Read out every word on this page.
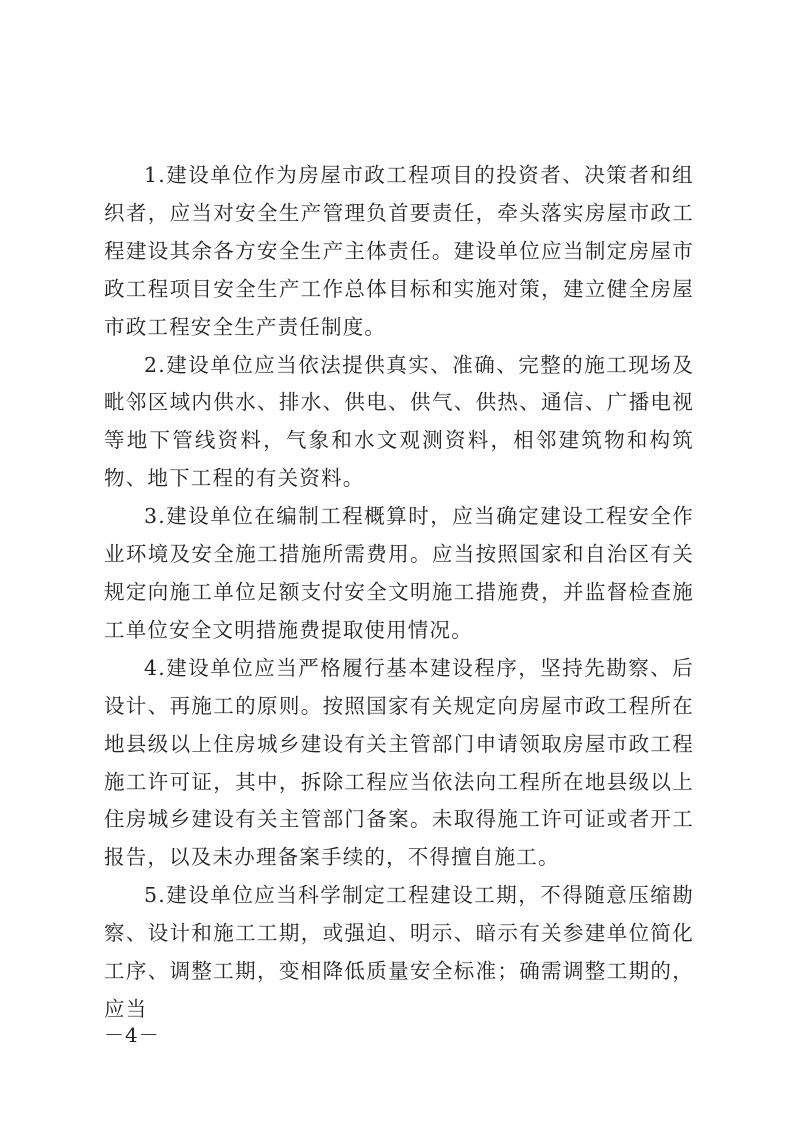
1.建设单位作为房屋市政工程项目的投资者、决策者和组织者，应当对安全生产管理负首要责任，牵头落实房屋市政工程建设其余各方安全生产主体责任。建设单位应当制定房屋市政工程项目安全生产工作总体目标和实施对策，建立健全房屋市政工程安全生产责任制度。

2.建设单位应当依法提供真实、准确、完整的施工现场及毗邻区域内供水、排水、供电、供气、供热、通信、广播电视等地下管线资料，气象和水文观测资料，相邻建筑物和构筑物、地下工程的有关资料。

3.建设单位在编制工程概算时，应当确定建设工程安全作业环境及安全施工措施所需费用。应当按照国家和自治区有关规定向施工单位足额支付安全文明施工措施费，并监督检查施工单位安全文明措施费提取使用情况。

4.建设单位应当严格履行基本建设程序，坚持先勘察、后设计、再施工的原则。按照国家有关规定向房屋市政工程所在地县级以上住房城乡建设有关主管部门申请领取房屋市政工程施工许可证，其中，拆除工程应当依法向工程所在地县级以上住房城乡建设有关主管部门备案。未取得施工许可证或者开工报告，以及未办理备案手续的，不得擅自施工。

5.建设单位应当科学制定工程建设工期，不得随意压缩勘察、设计和施工工期，或强迫、明示、暗示有关参建单位简化工序、调整工期，变相降低质量安全标准；确需调整工期的，应当

－4－
